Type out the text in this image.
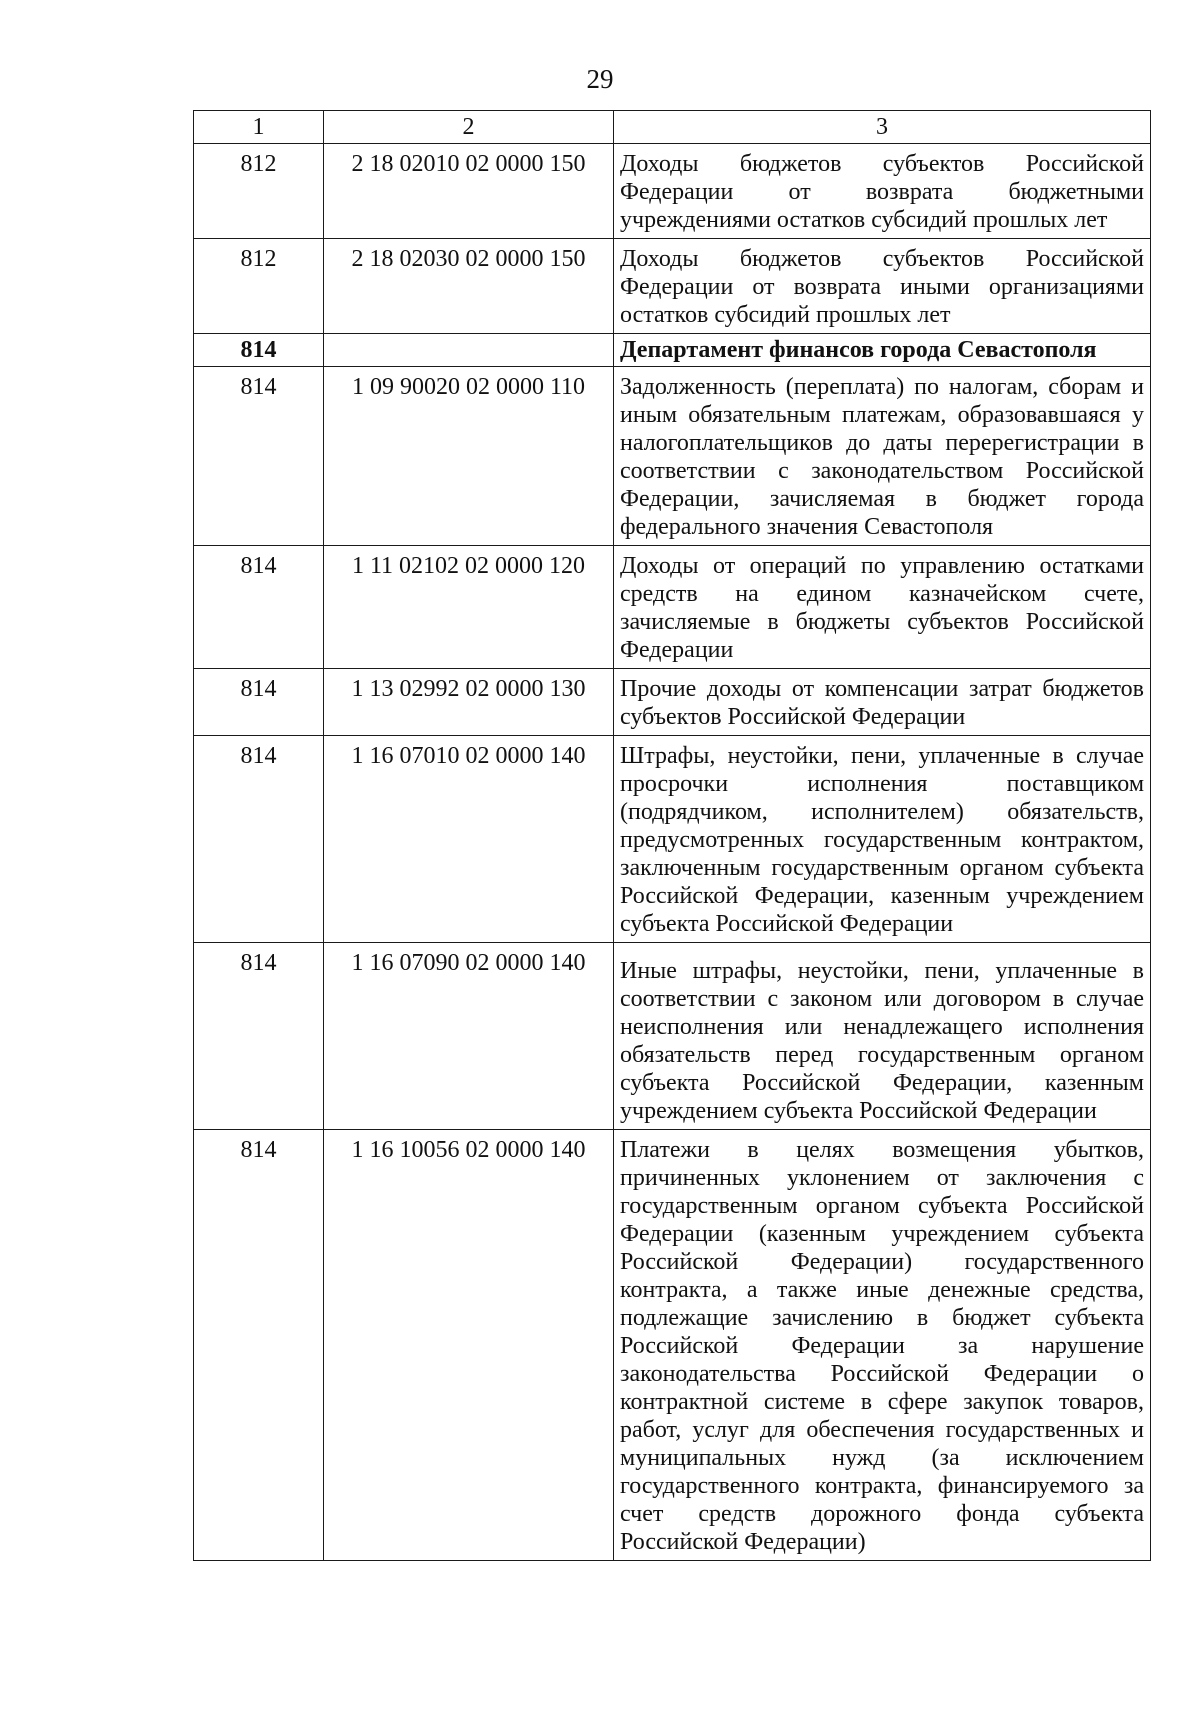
29
1	2	3
812	2 18 02010 02 0000 150	Доходы бюджетов субъектов Российской Федерации от возврата бюджетными учреждениями остатков субсидий прошлых лет
812	2 18 02030 02 0000 150	Доходы бюджетов субъектов Российской Федерации от возврата иными организациями остатков субсидий прошлых лет
814		Департамент финансов города Севастополя
814	1 09 90020 02 0000 110	Задолженность (переплата) по налогам, сборам и иным обязательным платежам, образовавшаяся у налогоплательщиков до даты перерегистрации в соответствии с законодательством Российской Федерации, зачисляемая в бюджет города федерального значения Севастополя
814	1 11 02102 02 0000 120	Доходы от операций по управлению остатками средств на едином казначейском счете, зачисляемые в бюджеты субъектов Российской Федерации
814	1 13 02992 02 0000 130	Прочие доходы от компенсации затрат бюджетов субъектов Российской Федерации
814	1 16 07010 02 0000 140	Штрафы, неустойки, пени, уплаченные в случае просрочки исполнения поставщиком (подрядчиком, исполнителем) обязательств, предусмотренных государственным контрактом, заключенным государственным органом субъекта Российской Федерации, казенным учреждением субъекта Российской Федерации
814	1 16 07090 02 0000 140	Иные штрафы, неустойки, пени, уплаченные в соответствии с законом или договором в случае неисполнения или ненадлежащего исполнения обязательств перед государственным органом субъекта Российской Федерации, казенным учреждением субъекта Российской Федерации
814	1 16 10056 02 0000 140	Платежи в целях возмещения убытков, причиненных уклонением от заключения с государственным органом субъекта Российской Федерации (казенным учреждением субъекта Российской Федерации) государственного контракта, а также иные денежные средства, подлежащие зачислению в бюджет субъекта Российской Федерации за нарушение законодательства Российской Федерации о контрактной системе в сфере закупок товаров, работ, услуг для обеспечения государственных и муниципальных нужд (за исключением государственного контракта, финансируемого за счет средств дорожного фонда субъекта Российской Федерации)
